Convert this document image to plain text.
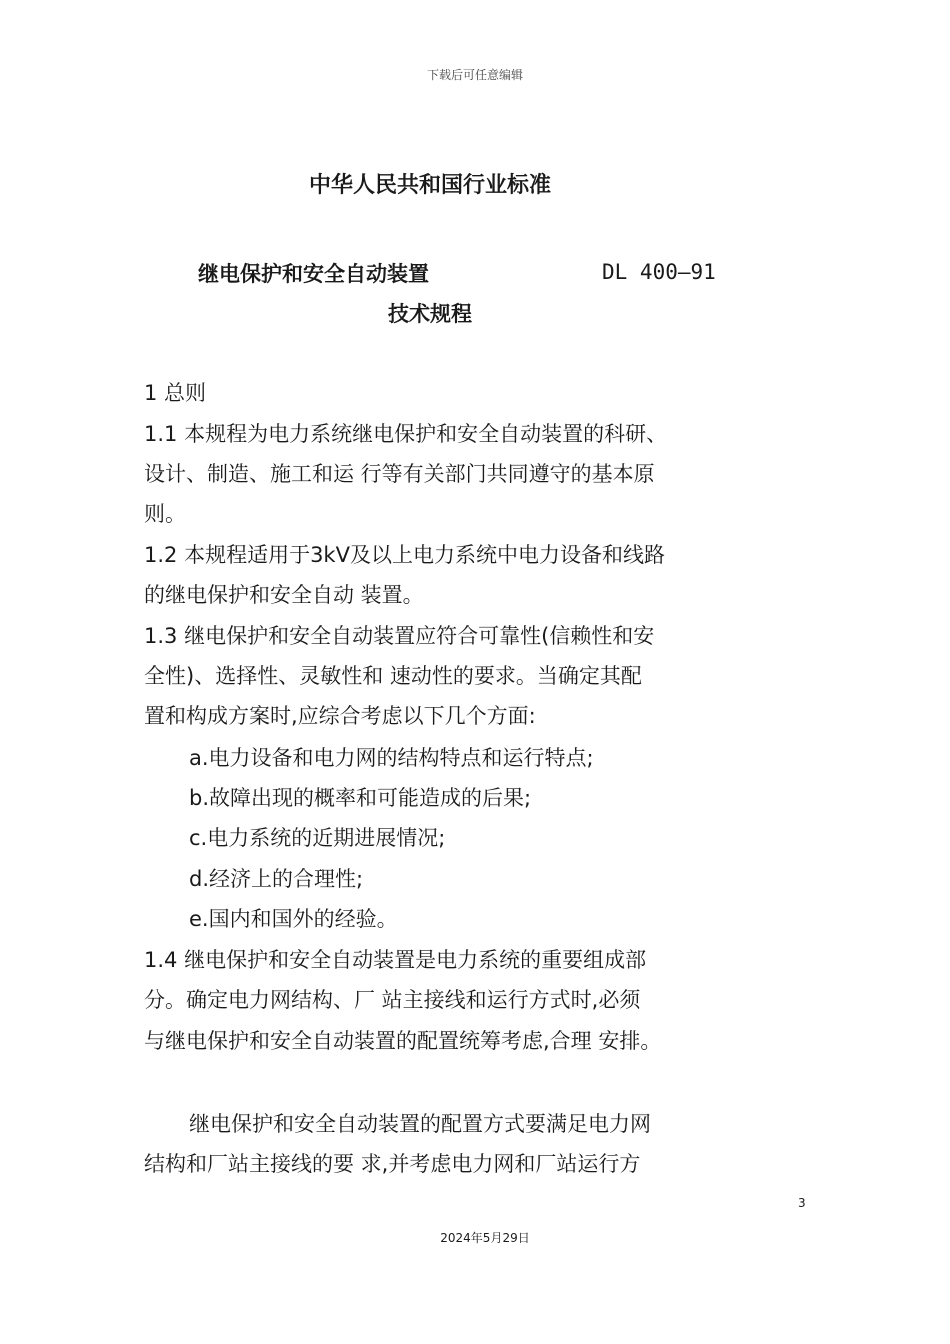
下载后可任意编辑
中华人民共和国行业标准
继电保护和安全自动装置	DL 400—91
技术规程
1 总则
1.1 本规程为电力系统继电保护和安全自动装置的科研、
设计、制造、施工和运 行等有关部门共同遵守的基本原
则。
1.2 本规程适用于3kV及以上电力系统中电力设备和线路
的继电保护和安全自动 装置。
1.3 继电保护和安全自动装置应符合可靠性(信赖性和安
全性)、选择性、灵敏性和 速动性的要求。当确定其配
置和构成方案时,应综合考虑以下几个方面:
a.电力设备和电力网的结构特点和运行特点;
b.故障出现的概率和可能造成的后果;
c.电力系统的近期进展情况;
d.经济上的合理性;
e.国内和国外的经验。
1.4 继电保护和安全自动装置是电力系统的重要组成部
分。确定电力网结构、厂 站主接线和运行方式时,必须
与继电保护和安全自动装置的配置统筹考虑,合理 安排。
继电保护和安全自动装置的配置方式要满足电力网
结构和厂站主接线的要 求,并考虑电力网和厂站运行方
3
2024年5月29日
